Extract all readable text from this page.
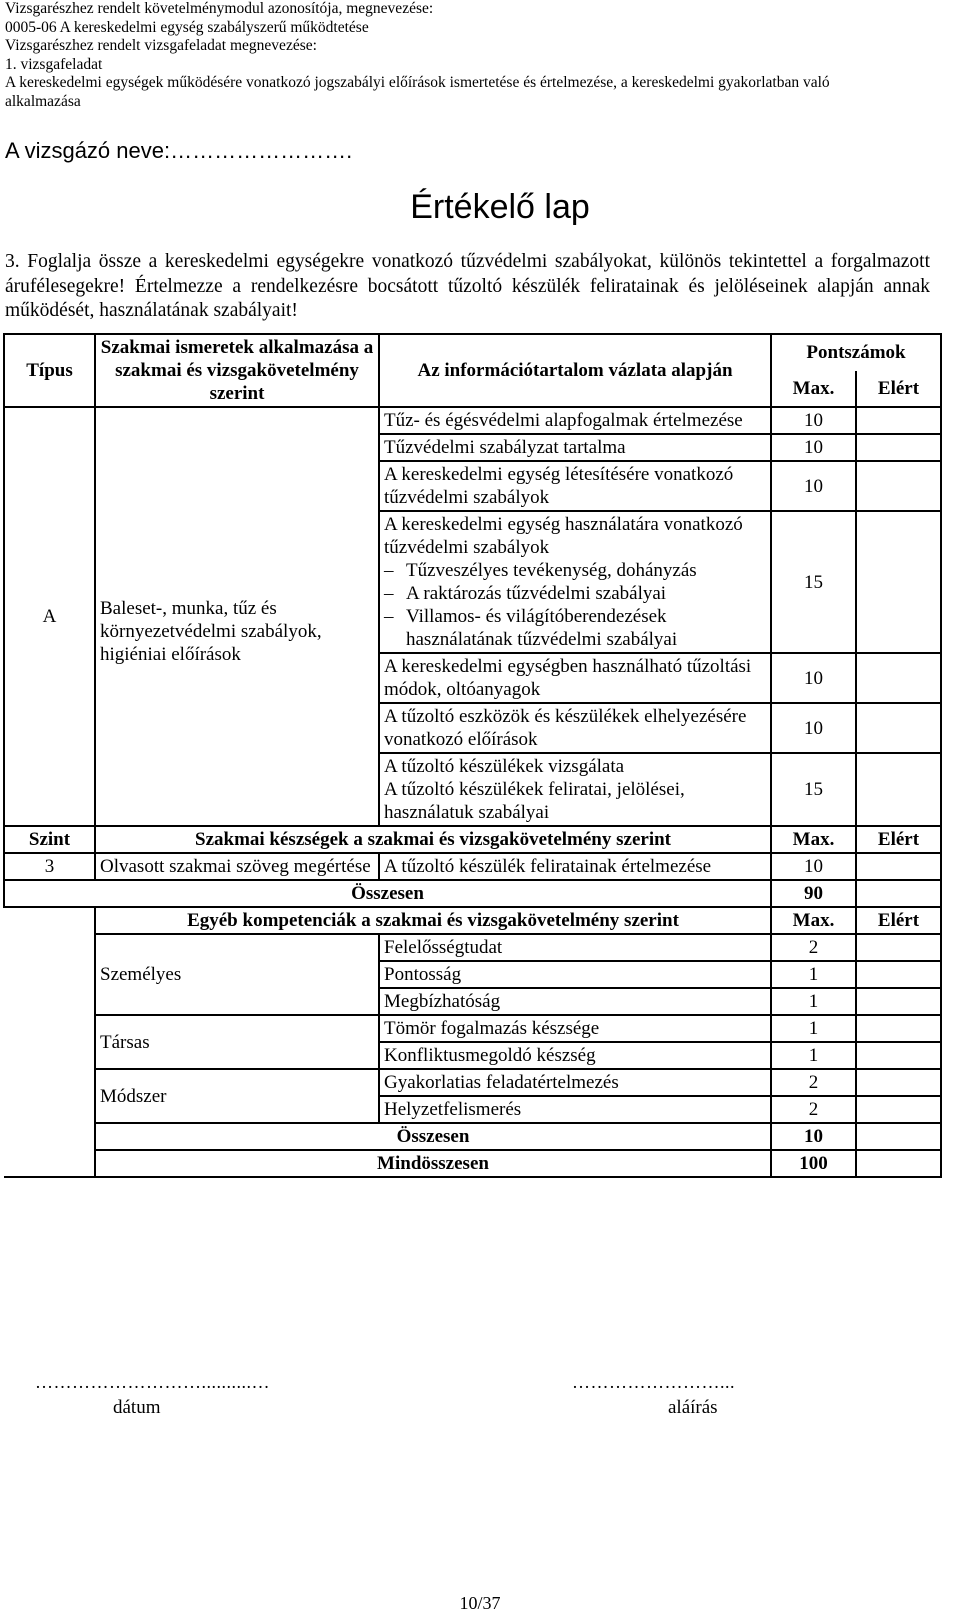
Vizsgarészhez rendelt követelménymodul azonosítója, megnevezése:
0005-06 A kereskedelmi egység szabályszerű működtetése
Vizsgarészhez rendelt vizsgafeladat megnevezése:
1. vizsgafeladat
A kereskedelmi egységek működésére vonatkozó jogszabályi előírások ismertetése és értelmezése, a kereskedelmi gyakorlatban való
alkalmazása
A vizsgázó neve:…………………….
Értékelő lap
3. Foglalja össze a kereskedelmi egységekre vonatkozó tűzvédelmi szabályokat, különös tekintettel a forgalmazott árufélesegekre! Értelmezze a rendelkezésre bocsátott tűzoltó készülék feliratainak és jelöléseinek alapján annak működését, használatának szabályait!
Típus	Szakmai ismeretek alkalmazása a szakmai és vizsgakövetelmény szerint	Az információtartalom vázlata alapján	Pontszámok	
			Max.	Elért
A	Baleset-, munka, tűz és környezetvédelmi szabályok, higiéniai előírások	Tűz- és égésvédelmi alapfogalmak értelmezése	10	
		Tűzvédelmi szabályzat tartalma	10	
		A kereskedelmi egység létesítésére vonatkozó tűzvédelmi szabályok	10	

		A kereskedelmi egység használatára vonatkozó tűzvédelmi szabályok
– Tűzveszélyes tevékenység, dohányzás
– A raktározás tűzvédelmi szabályai
– Villamos- és világítóberendezések
használatának tűzvédelmi szabályai	15	
		A kereskedelmi egységben használható tűzoltási módok, oltóanyagok	10	
		A tűzoltó eszközök és készülékek elhelyezésére vonatkozó előírások	10	

		A tűzoltó készülékek vizsgálata
A tűzoltó készülékek feliratai, jelölései, használatuk szabályai	15	
Szint	Szakmai készségek a szakmai és vizsgakövetelmény szerint		Max.	Elért
3	Olvasott szakmai szöveg megértése	A tűzoltó készülék feliratainak értelmezése	10	
Összesen			90	
	Egyéb kompetenciák a szakmai és vizsgakövetelmény szerint		Max.	Elért
	Személyes	Felelősségtudat	2	
		Pontosság	1	
		Megbízhatóság	1	
	Társas	Tömör fogalmazás készsége	1	
		Konfliktusmegoldó készség	1	
	Módszer	Gyakorlatias feladatértelmezés	2	
		Helyzetfelismerés	2	
	Összesen		10	
	Mindösszesen		100	
………………………..........…
dátum
……………………...
aláírás
10/37
